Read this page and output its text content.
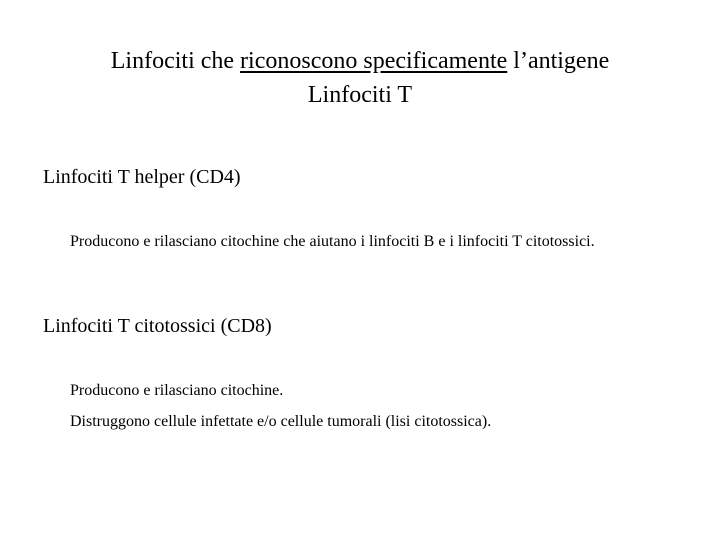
Linfociti che riconoscono specificamente l’antigene
Linfociti T
Linfociti T helper (CD4)
Producono e rilasciano citochine che aiutano i linfociti B e i linfociti T citotossici.
Linfociti T citotossici (CD8)
Producono e rilasciano citochine.
Distruggono cellule infettate e/o cellule tumorali (lisi citotossica).
